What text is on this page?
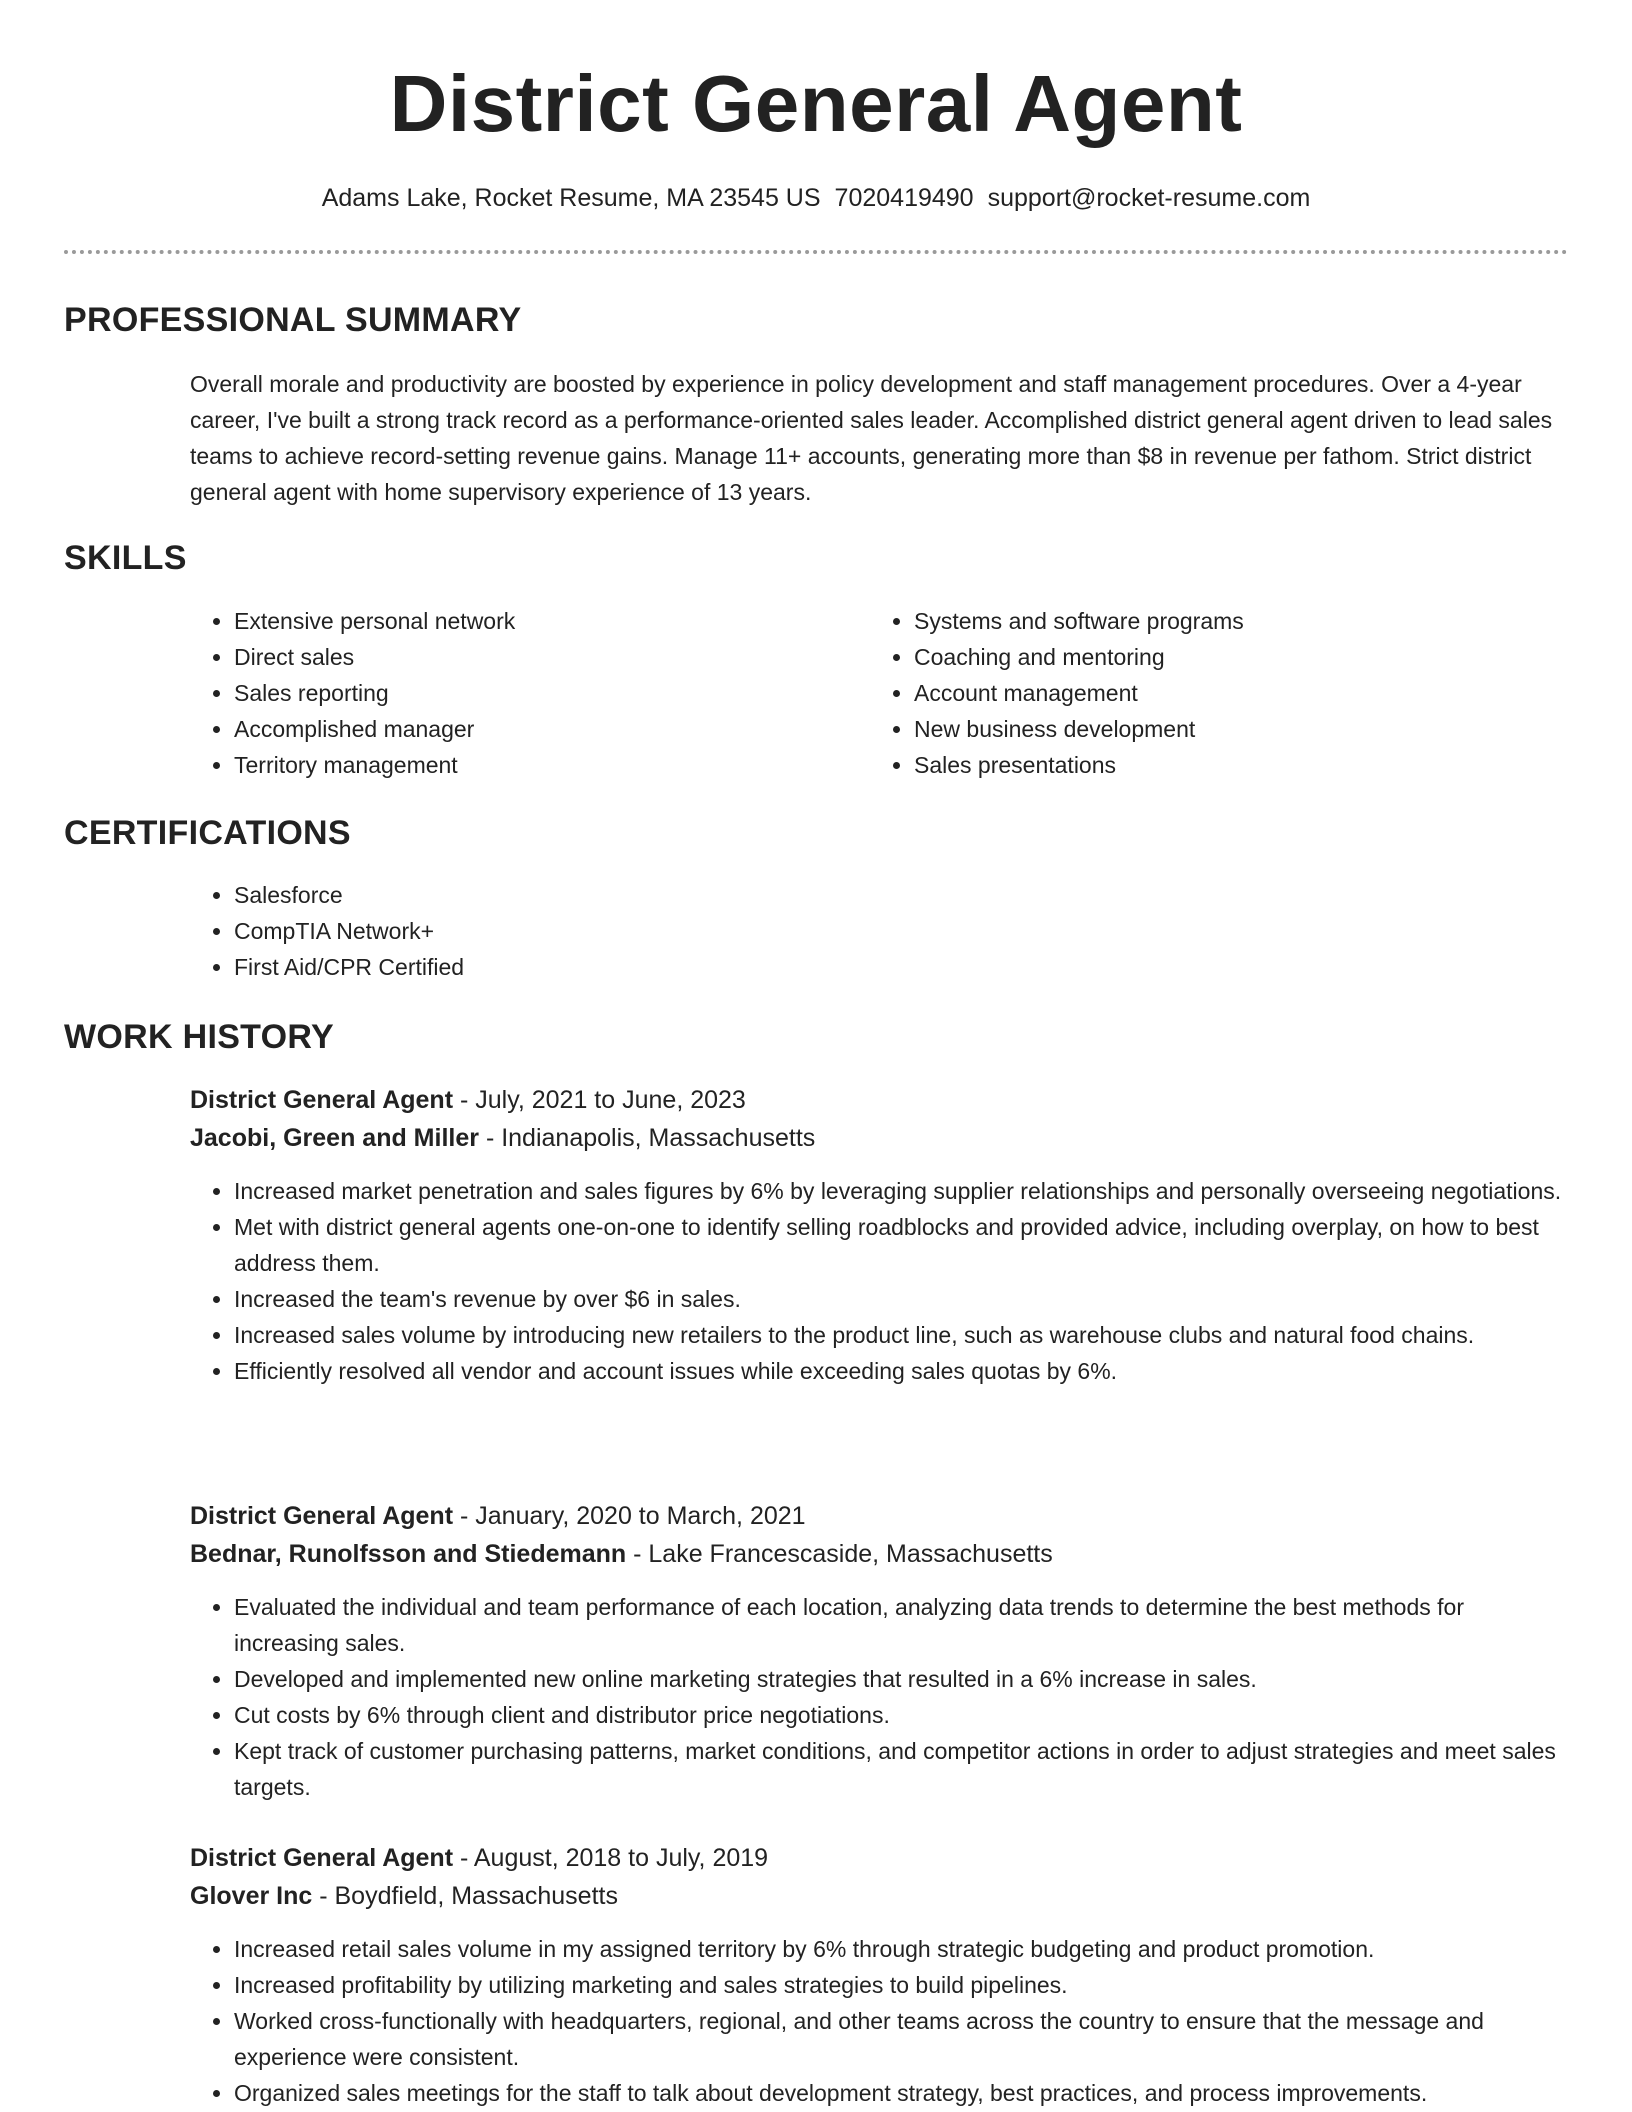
District General Agent
Adams Lake, Rocket Resume, MA 23545 US 7020419490 support@rocket-resume.com
PROFESSIONAL SUMMARY

Overall morale and productivity are boosted by experience in policy development and staff management procedures. Over a 4-year career, I've built a strong track record as a performance-oriented sales leader. Accomplished district general agent driven to lead sales teams to achieve record-setting revenue gains. Manage 11+ accounts, generating more than $8 in revenue per fathom. Strict district general agent with home supervisory experience of 13 years.

SKILLS
• Extensive personal network
• Direct sales
• Sales reporting
• Accomplished manager
• Territory management
• Systems and software programs
• Coaching and mentoring
• Account management
• New business development
• Sales presentations
CERTIFICATIONS
• Salesforce
• CompTIA Network+
• First Aid/CPR Certified
WORK HISTORY

District General Agent - July, 2021 to June, 2023

Jacobi, Green and Miller - Indianapolis, Massachusetts

• Increased market penetration and sales figures by 6% by leveraging supplier relationships and personally overseeing negotiations.
• Met with district general agents one-on-one to identify selling roadblocks and provided advice, including overplay, on how to best address them.
• Increased the team's revenue by over $6 in sales.
• Increased sales volume by introducing new retailers to the product line, such as warehouse clubs and natural food chains.
• Efficiently resolved all vendor and account issues while exceeding sales quotas by 6%.

District General Agent - January, 2020 to March, 2021

Bednar, Runolfsson and Stiedemann - Lake Francescaside, Massachusetts

• Evaluated the individual and team performance of each location, analyzing data trends to determine the best methods for increasing sales.
• Developed and implemented new online marketing strategies that resulted in a 6% increase in sales.
• Cut costs by 6% through client and distributor price negotiations.
• Kept track of customer purchasing patterns, market conditions, and competitor actions in order to adjust strategies and meet sales targets.

District General Agent - August, 2018 to July, 2019

Glover Inc - Boydfield, Massachusetts

• Increased retail sales volume in my assigned territory by 6% through strategic budgeting and product promotion.
• Increased profitability by utilizing marketing and sales strategies to build pipelines.
• Worked cross-functionally with headquarters, regional, and other teams across the country to ensure that the message and experience were consistent.
• Organized sales meetings for the staff to talk about development strategy, best practices, and process improvements.
